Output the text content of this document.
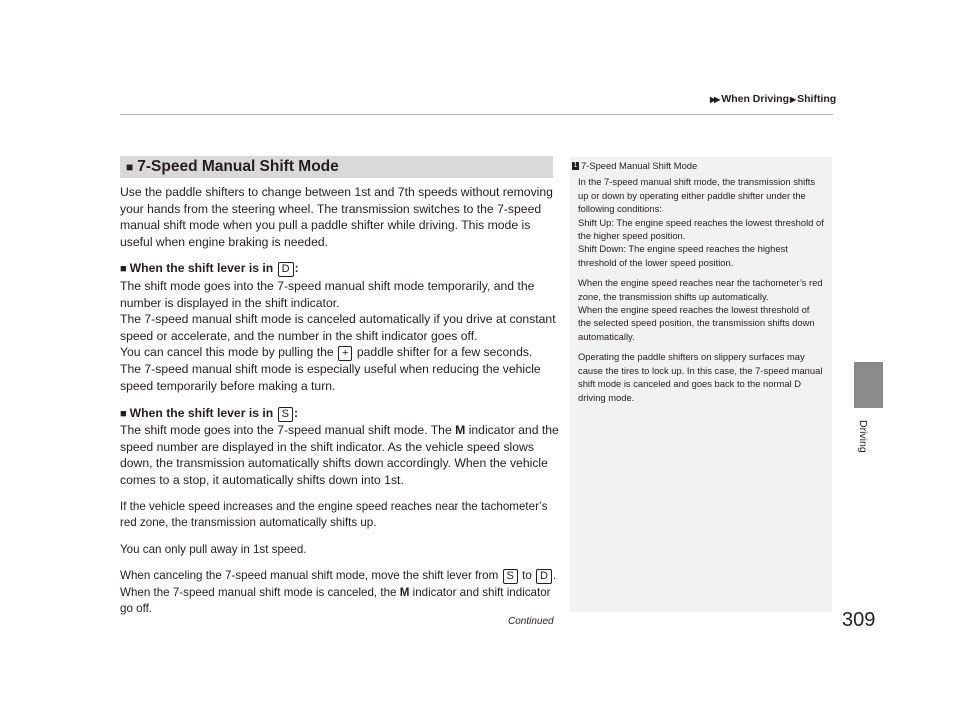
▶▶ When Driving▶ Shifting
■ 7-Speed Manual Shift Mode

Use the paddle shifters to change between 1st and 7th speeds without removing your hands from the steering wheel. The transmission switches to the 7-speed manual shift mode when you pull a paddle shifter while driving. This mode is useful when engine braking is needed.

■ When the shift lever is in D :

The shift mode goes into the 7-speed manual shift mode temporarily, and the number is displayed in the shift indicator.

The 7-speed manual shift mode is canceled automatically if you drive at constant speed or accelerate, and the number in the shift indicator goes off.

You can cancel this mode by pulling the + paddle shifter for a few seconds.

The 7-speed manual shift mode is especially useful when reducing the vehicle speed temporarily before making a turn.

■ When the shift lever is in S :

The shift mode goes into the 7-speed manual shift mode. The M indicator and the speed number are displayed in the shift indicator. As the vehicle speed slows down, the transmission automatically shifts down accordingly. When the vehicle comes to a stop, it automatically shifts down into 1st.

If the vehicle speed increases and the engine speed reaches near the tachometer’s red zone, the transmission automatically shifts up.

You can only pull away in 1st speed.

When canceling the 7-speed manual shift mode, move the shift lever from S to D . When the 7-speed manual shift mode is canceled, the M indicator and shift indicator go off.

1 7-Speed Manual Shift Mode

In the 7-speed manual shift mode, the transmission shifts up or down by operating either paddle shifter under the following conditions:

Shift Up: The engine speed reaches the lowest threshold of the higher speed position.

Shift Down: The engine speed reaches the highest threshold of the lower speed position.

When the engine speed reaches near the tachometer’s red zone, the transmission shifts up automatically.

When the engine speed reaches the lowest threshold of the selected speed position, the transmission shifts down automatically.

Operating the paddle shifters on slippery surfaces may cause the tires to lock up. In this case, the 7-speed manual shift mode is canceled and goes back to the normal D driving mode.

Continued
Driving
309
